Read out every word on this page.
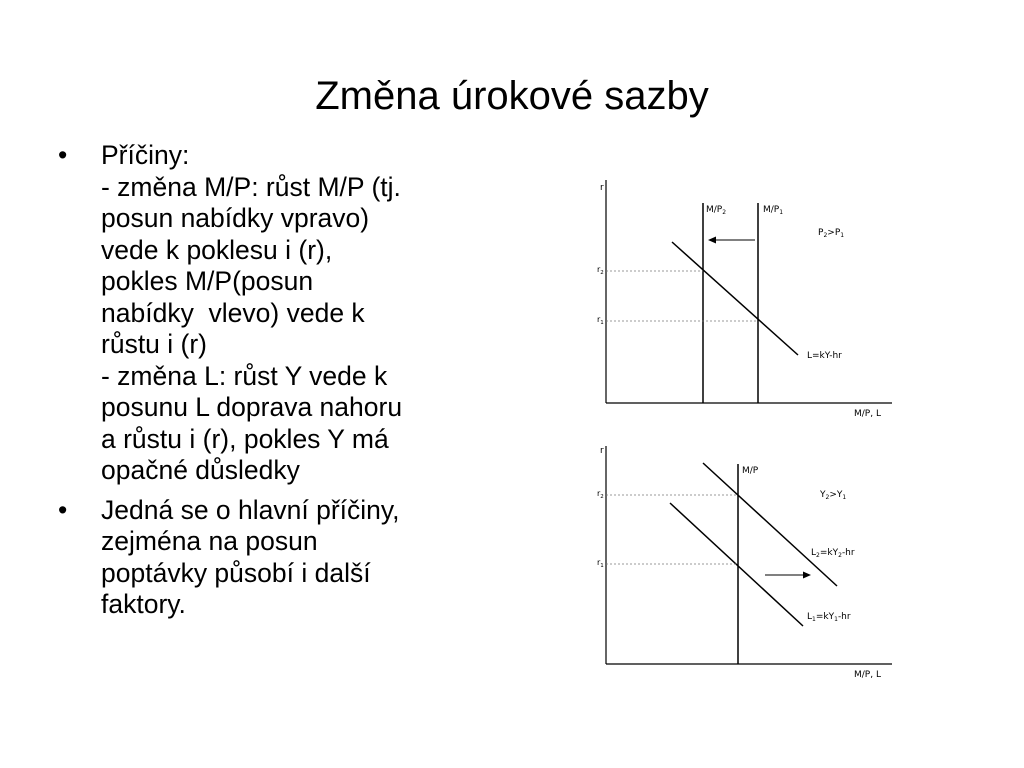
Změna úrokové sazby
• Příčiny:
- změna M/P: růst M/P (tj.
posun nabídky vpravo)
vede k poklesu i (r),
pokles M/P(posun
nabídky  vlevo) vede k
růstu i (r)
- změna L: růst Y vede k
posunu L doprava nahoru
a růstu i (r), pokles Y má
opačné důsledky
• Jedná se o hlavní příčiny,
zejména na posun
poptávky působí i další
faktory.
r
M/P, L
$M/P_2$	$M/P_1$
$P_2>P_1$
L=kY-hr
$r_2$
$r_1$
r
M/P, L
M/P
$Y_2>Y_1$
$L_2=kY_2-hr$
$L_1=kY_1-hr$
$r_2$
$r_1$
